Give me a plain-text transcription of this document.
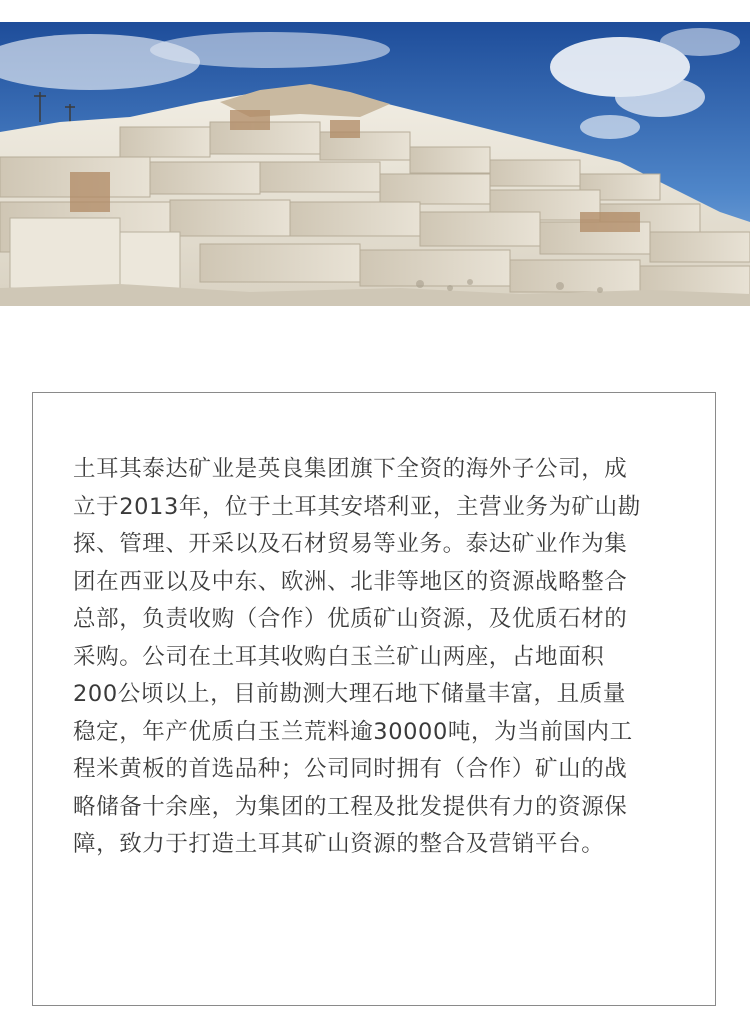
土耳其泰达矿业是英良集团旗下全资的海外子公司，成
立于2013年，位于土耳其安塔利亚，主营业务为矿山勘
探、管理、开采以及石材贸易等业务。泰达矿业作为集
团在西亚以及中东、欧洲、北非等地区的资源战略整合
总部，负责收购（合作）优质矿山资源，及优质石材的
采购。公司在土耳其收购白玉兰矿山两座，占地面积
200公顷以上，目前勘测大理石地下储量丰富，且质量
稳定，年产优质白玉兰荒料逾30000吨，为当前国内工
程米黄板的首选品种；公司同时拥有（合作）矿山的战
略储备十余座，为集团的工程及批发提供有力的资源保
障，致力于打造土耳其矿山资源的整合及营销平台。
